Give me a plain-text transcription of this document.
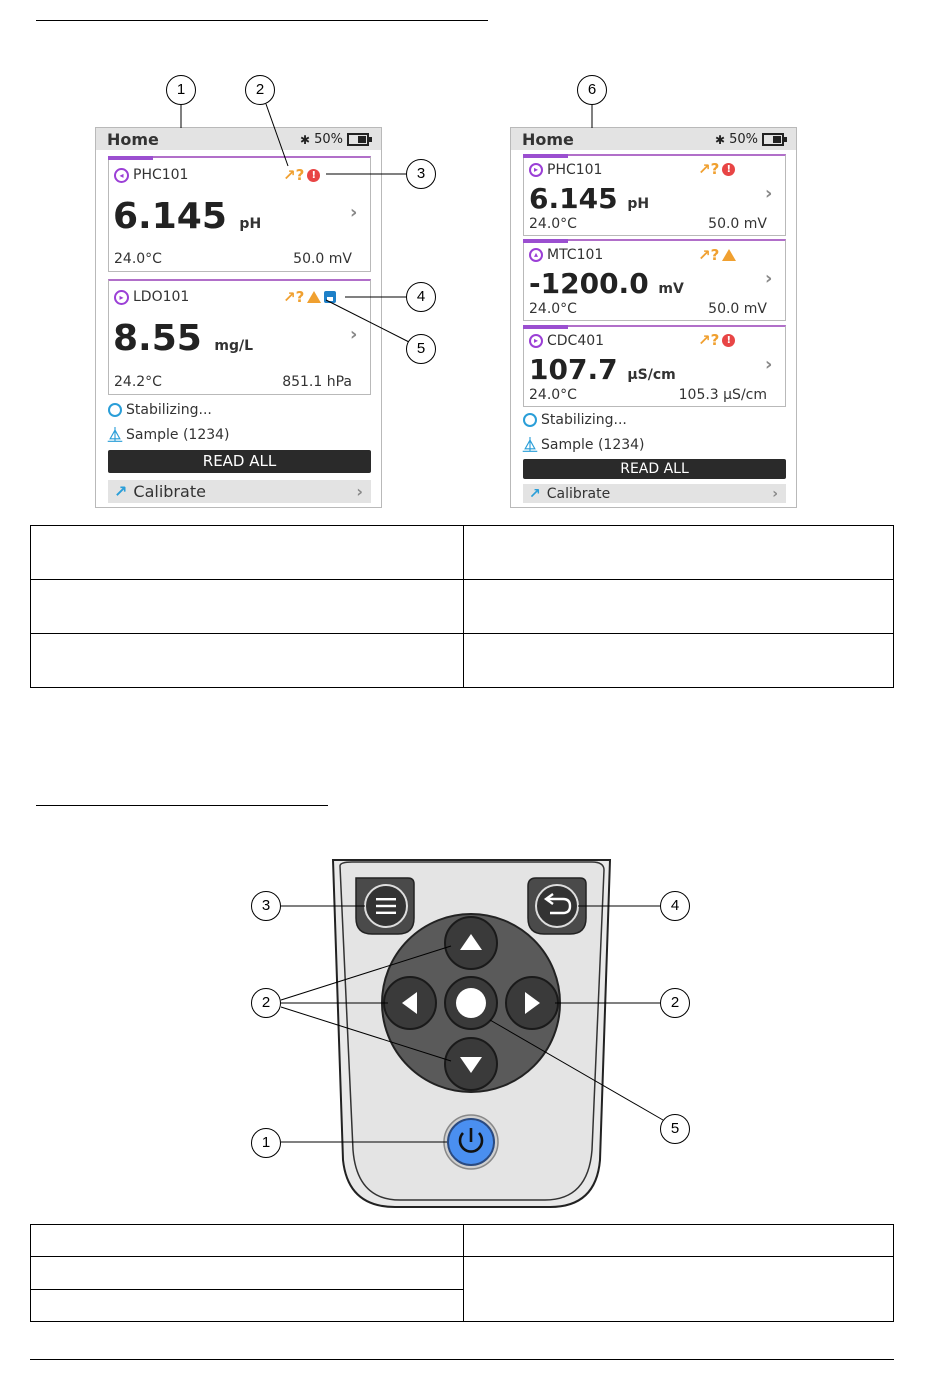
Home	✱ 50%
◂ PHC101	↗? !
6.145 pH
›
24.0°C	50.0 mV
▸ LDO101	↗?
8.55 mg/L
›
24.2°C	851.1 hPa
Stabilizing...
⏅ Sample (1234)
READ ALL
↗ Calibrate	›
Home	✱ 50%
▸ PHC101	↗? !
6.145 pH	›
24.0°C	50.0 mV
▴ MTC101	↗?
-1200.0 mV	›
24.0°C	50.0 mV
▸ CDC401	↗? !
107.7 µS/cm	›
24.0°C	105.3 µS/cm
Stabilizing...
⏅ Sample (1234)
READ ALL
↗ Calibrate	›
1	2
3
4
5
6

3	4
2	2
5
1
